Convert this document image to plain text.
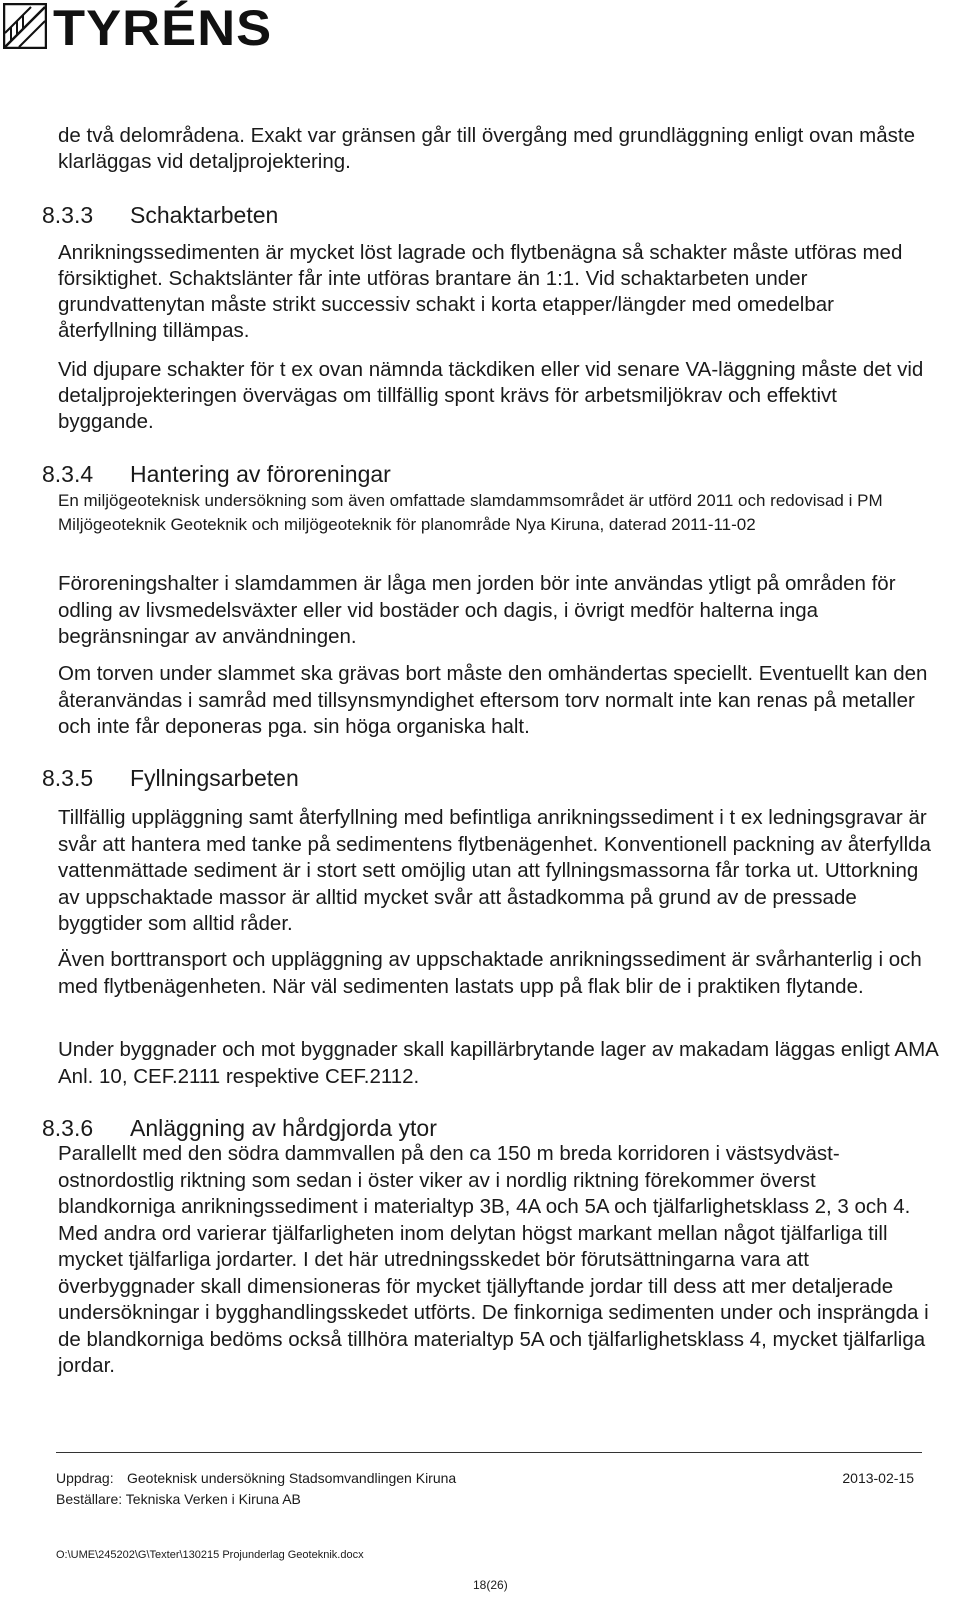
TYRÉNS
de två delområdena. Exakt var gränsen går till övergång med grundläggning enligt ovan måste klarläggas vid detaljprojektering.
8.3.3 Schaktarbeten
Anrikningssedimenten är mycket löst lagrade och flytbenägna så schakter måste utföras med försiktighet. Schaktslänter får inte utföras brantare än 1:1. Vid schaktarbeten under grundvattenytan måste strikt successiv schakt i korta etapper/längder med omedelbar återfyllning tillämpas.
Vid djupare schakter för t ex ovan nämnda täckdiken eller vid senare VA-läggning måste det vid detaljprojekteringen övervägas om tillfällig spont krävs för arbetsmiljökrav och effektivt byggande.
8.3.4 Hantering av föroreningar
En miljögeoteknisk undersökning som även omfattade slamdammsområdet är utförd 2011 och redovisad i PM Miljögeoteknik Geoteknik och miljögeoteknik för planområde Nya Kiruna, daterad 2011-11-02
Föroreningshalter i slamdammen är låga men jorden bör inte användas ytligt på områden för odling av livsmedelsväxter eller vid bostäder och dagis, i övrigt medför halterna inga begränsningar av användningen.
Om torven under slammet ska grävas bort måste den omhändertas speciellt. Eventuellt kan den återanvändas i samråd med tillsynsmyndighet eftersom torv normalt inte kan renas på metaller och inte får deponeras pga. sin höga organiska halt.
8.3.5 Fyllningsarbeten
Tillfällig uppläggning samt återfyllning med befintliga anrikningssediment i t ex ledningsgravar är svår att hantera med tanke på sedimentens flytbenägenhet. Konventionell packning av återfyllda vattenmättade sediment är i stort sett omöjlig utan att fyllningsmassorna får torka ut. Uttorkning av uppschaktade massor är alltid mycket svår att åstadkomma på grund av de pressade byggtider som alltid råder.
Även borttransport och uppläggning av uppschaktade anrikningssediment är svårhanterlig i och med flytbenägenheten. När väl sedimenten lastats upp på flak blir de i praktiken flytande.
Under byggnader och mot byggnader skall kapillärbrytande lager av makadam läggas enligt AMA Anl. 10, CEF.2111 respektive CEF.2112.
8.3.6 Anläggning av hårdgjorda ytor
Parallellt med den södra dammvallen på den ca 150 m breda korridoren i västsydväst-ostnordostlig riktning som sedan i öster viker av i nordlig riktning förekommer överst blandkorniga anrikningssediment i materialtyp 3B, 4A och 5A och tjälfarlighetsklass 2, 3 och 4. Med andra ord varierar tjälfarligheten inom delytan högst markant mellan något tjälfarliga till mycket tjälfarliga jordarter. I det här utredningsskedet bör förutsättningarna vara att överbyggnader skall dimensioneras för mycket tjällyftande jordar till dess att mer detaljerade undersökningar i bygghandlingsskedet utförts. De finkorniga sedimenten under och insprängda i de blandkorniga bedöms också tillhöra materialtyp 5A och tjälfarlighetsklass 4, mycket tjälfarliga jordar.
Uppdrag: Geoteknisk undersökning Stadsomvandlingen Kiruna	2013-02-15
Beställare: Tekniska Verken i Kiruna AB
O:\UME\245202\G\Texter\130215 Projunderlag Geoteknik.docx
18(26)
